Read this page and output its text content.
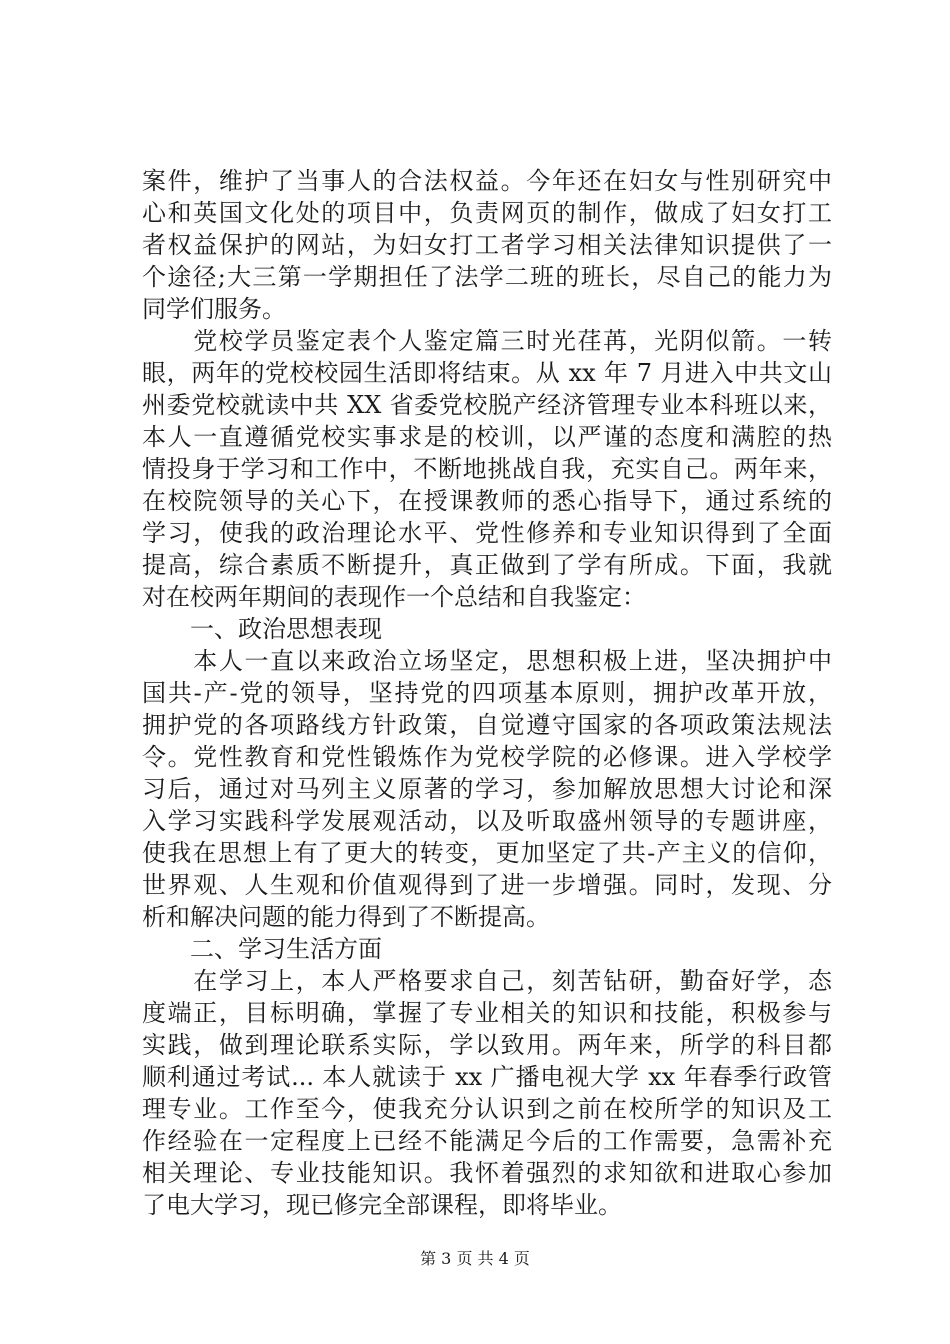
案件，维护了当事人的合法权益。今年还在妇女与性别研究中
心和英国文化处的项目中，负责网页的制作，做成了妇女打工
者权益保护的网站，为妇女打工者学习相关法律知识提供了一
个途径;大三第一学期担任了法学二班的班长，尽自己的能力为
同学们服务。
　　党校学员鉴定表个人鉴定篇三时光荏苒，光阴似箭。一转
眼，两年的党校校园生活即将结束。从 xx 年 7 月进入中共文山
州委党校就读中共 XX 省委党校脱产经济管理专业本科班以来，
本人一直遵循党校实事求是的校训，以严谨的态度和满腔的热
情投身于学习和工作中，不断地挑战自我，充实自己。两年来，
在校院领导的关心下，在授课教师的悉心指导下，通过系统的
学习，使我的政治理论水平、党性修养和专业知识得到了全面
提高，综合素质不断提升，真正做到了学有所成。下面，我就
对在校两年期间的表现作一个总结和自我鉴定：
　　一、政治思想表现
　　本人一直以来政治立场坚定，思想积极上进，坚决拥护中
国共-产-党的领导，坚持党的四项基本原则，拥护改革开放，
拥护党的各项路线方针政策，自觉遵守国家的各项政策法规法
令。党性教育和党性锻炼作为党校学院的必修课。进入学校学
习后，通过对马列主义原著的学习，参加解放思想大讨论和深
入学习实践科学发展观活动，以及听取盛州领导的专题讲座，
使我在思想上有了更大的转变，更加坚定了共-产主义的信仰，
世界观、人生观和价值观得到了进一步增强。同时，发现、分
析和解决问题的能力得到了不断提高。
　　二、学习生活方面
　　在学习上，本人严格要求自己，刻苦钻研，勤奋好学，态
度端正，目标明确，掌握了专业相关的知识和技能，积极参与
实践，做到理论联系实际，学以致用。两年来，所学的科目都
顺利通过考试... 本人就读于 xx 广播电视大学 xx 年春季行政管
理专业。工作至今，使我充分认识到之前在校所学的知识及工
作经验在一定程度上已经不能满足今后的工作需要，急需补充
相关理论、专业技能知识。我怀着强烈的求知欲和进取心参加
了电大学习，现已修完全部课程，即将毕业。
第 3 页 共 4 页
